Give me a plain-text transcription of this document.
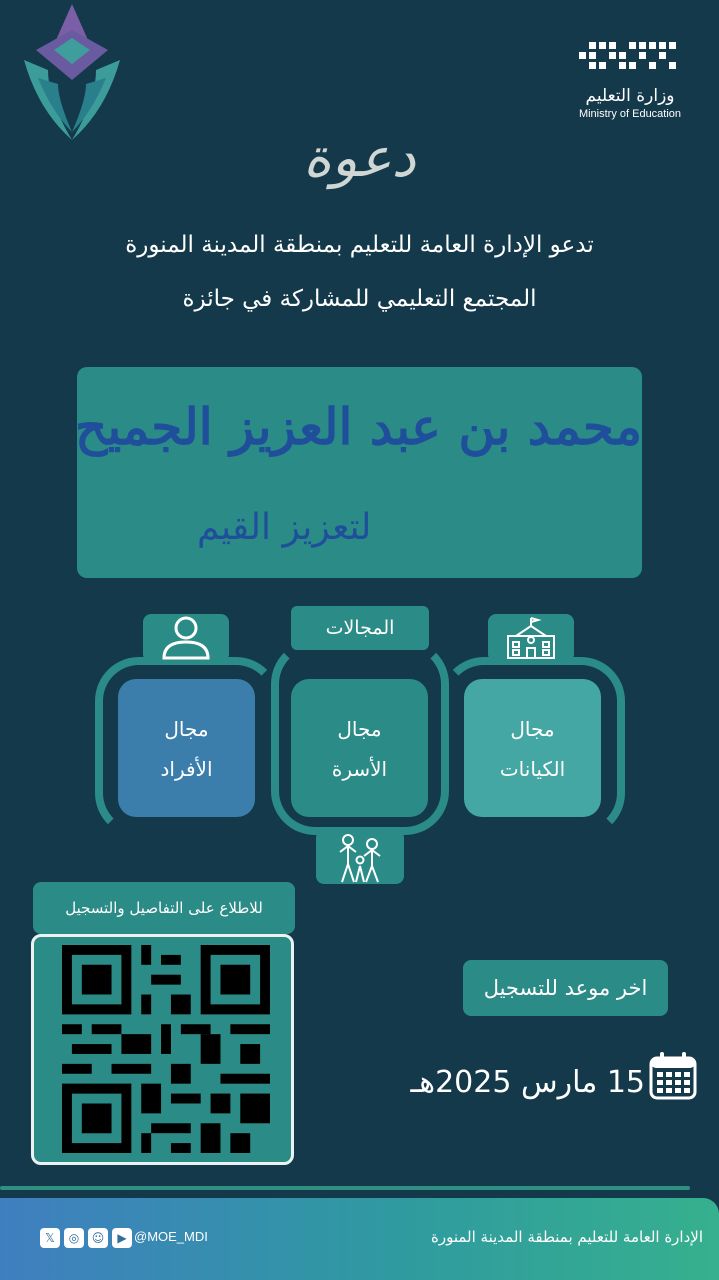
وزارة التعليم
Ministry of Education
دعوة
تدعو الإدارة العامة للتعليم بمنطقة المدينة المنورة
المجتمع التعليمي للمشاركة في جائزة
محمد بن عبد العزيز الجميح
لتعزيز القيم
المجالات
مجال
الأفراد
مجال
الأسرة
مجال
الكيانات
للاطلاع على التفاصيل والتسجيل
اخر موعد للتسجيل
15 مارس 2025هـ
الإدارة العامة للتعليم بمنطقة المدينة المنورة
𝕏	◎	☺	▶ @MOE_MDI
